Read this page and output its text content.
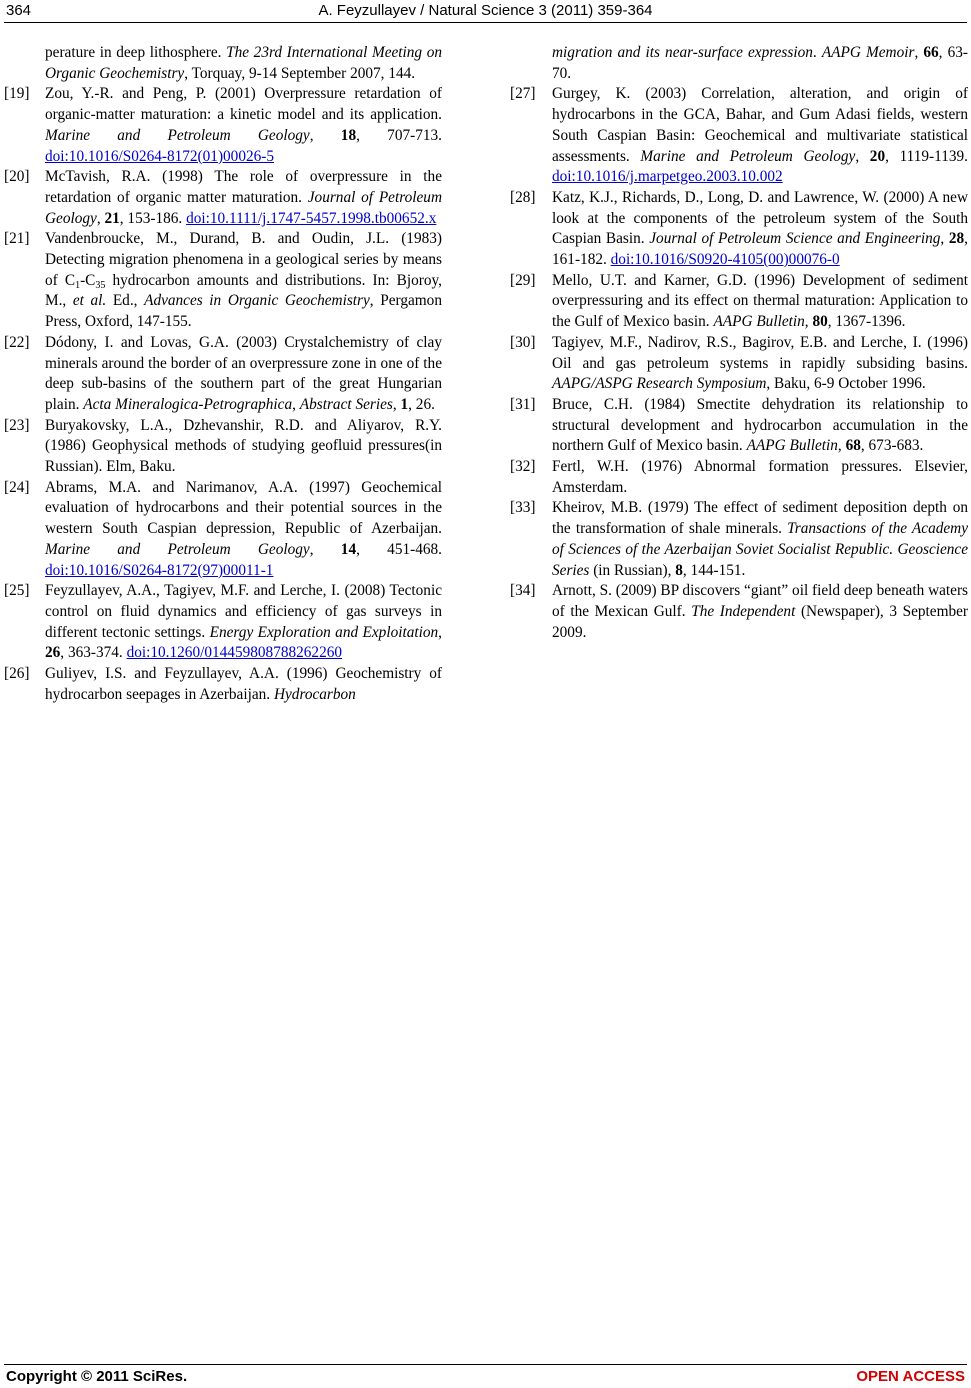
364	A. Feyzullayev / Natural Science 3 (2011) 359-364
perature in deep lithosphere. The 23rd International Meeting on Organic Geochemistry, Torquay, 9-14 September 2007, 144.
[19] Zou, Y.-R. and Peng, P. (2001) Overpressure retardation of organic-matter maturation: a kinetic model and its application. Marine and Petroleum Geology, 18, 707-713. doi:10.1016/S0264-8172(01)00026-5
[20] McTavish, R.A. (1998) The role of overpressure in the retardation of organic matter maturation. Journal of Petroleum Geology, 21, 153-186. doi:10.1111/j.1747-5457.1998.tb00652.x
[21] Vandenbroucke, M., Durand, B. and Oudin, J.L. (1983) Detecting migration phenomena in a geological series by means of $C_1-C_{35}$ hydrocarbon amounts and distributions. In: Bjoroy, M., et al. Ed., Advances in Organic Geochemistry, Pergamon Press, Oxford, 147-155.
[22] Dódony, I. and Lovas, G.A. (2003) Crystalchemistry of clay minerals around the border of an overpressure zone in one of the deep sub-basins of the southern part of the great Hungarian plain. Acta Mineralogica-Petrographica, Abstract Series, 1, 26.
[23] Buryakovsky, L.A., Dzhevanshir, R.D. and Aliyarov, R.Y. (1986) Geophysical methods of studying geofluid pressures(in Russian). Elm, Baku.
[24] Abrams, M.A. and Narimanov, A.A. (1997) Geochemical evaluation of hydrocarbons and their potential sources in the western South Caspian depression, Republic of Azerbaijan. Marine and Petroleum Geology, 14, 451-468. doi:10.1016/S0264-8172(97)00011-1
[25] Feyzullayev, A.A., Tagiyev, M.F. and Lerche, I. (2008) Tectonic control on fluid dynamics and efficiency of gas surveys in different tectonic settings. Energy Exploration and Exploitation, 26, 363-374. doi:10.1260/014459808788262260
[26] Guliyev, I.S. and Feyzullayev, A.A. (1996) Geochemistry of hydrocarbon seepages in Azerbaijan. Hydrocarbon
migration and its near-surface expression. AAPG Memoir, 66, 63-70.
[27] Gurgey, K. (2003) Correlation, alteration, and origin of hydrocarbons in the GCA, Bahar, and Gum Adasi fields, western South Caspian Basin: Geochemical and multivariate statistical assessments. Marine and Petroleum Geology, 20, 1119-1139. doi:10.1016/j.marpetgeo.2003.10.002
[28] Katz, K.J., Richards, D., Long, D. and Lawrence, W. (2000) A new look at the components of the petroleum system of the South Caspian Basin. Journal of Petroleum Science and Engineering, 28, 161-182. doi:10.1016/S0920-4105(00)00076-0
[29] Mello, U.T. and Karner, G.D. (1996) Development of sediment overpressuring and its effect on thermal maturation: Application to the Gulf of Mexico basin. AAPG Bulletin, 80, 1367-1396.
[30] Tagiyev, M.F., Nadirov, R.S., Bagirov, E.B. and Lerche, I. (1996) Oil and gas petroleum systems in rapidly subsiding basins. AAPG/ASPG Research Symposium, Baku, 6-9 October 1996.
[31] Bruce, C.H. (1984) Smectite dehydration its relationship to structural development and hydrocarbon accumulation in the northern Gulf of Mexico basin. AAPG Bulletin, 68, 673-683.
[32] Fertl, W.H. (1976) Abnormal formation pressures. Elsevier, Amsterdam.
[33] Kheirov, M.B. (1979) The effect of sediment deposition depth on the transformation of shale minerals. Transactions of the Academy of Sciences of the Azerbaijan Soviet Socialist Republic. Geoscience Series (in Russian), 8, 144-151.
[34] Arnott, S. (2009) BP discovers “giant” oil field deep beneath waters of the Mexican Gulf. The Independent (Newspaper), 3 September 2009.
Copyright © 2011 SciRes.	OPEN ACCESS
